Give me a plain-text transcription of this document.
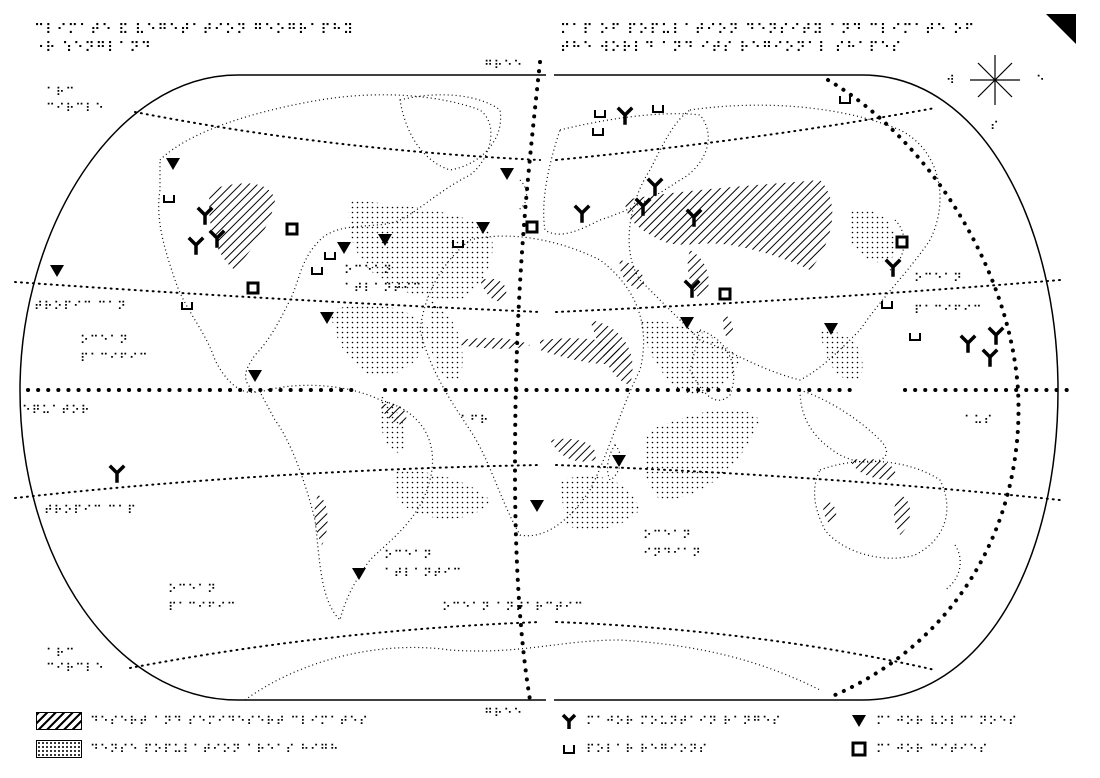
⠉⠇⠊⠍⠁⠞⠑ ⠯ ⠧⠑⠛⠑⠞⠁⠞⠊⠕⠝ ⠛⠑⠕⠛⠗⠁⠏⠓⠽
⠐⠗ ⠱⠑⠝⠛⠇⠁⠝⠙
⠍⠁⠏ ⠕⠋ ⠏⠕⠏⠥⠇⠁⠞⠊⠕⠝ ⠙⠑⠝⠎⠊⠞⠽ ⠁⠝⠙ ⠉⠇⠊⠍⠁⠞⠑ ⠕⠋
⠞⠓⠑ ⠺⠕⠗⠇⠙ ⠁⠝⠙ ⠊⠞⠎ ⠗⠑⠛⠊⠕⠝⠁⠇ ⠎⠓⠁⠏⠑⠎
⠺	⠑
⠎
⠛⠗⠑⠑
⠛⠗⠑⠑
⠁⠗⠉
⠉⠊⠗⠉⠇⠑
⠞⠗⠕⠏⠊⠉ ⠉⠁⠝
⠑⠟⠥⠁⠞⠕⠗
⠞⠗⠕⠏⠊⠉ ⠉⠁⠏
⠁⠗⠉
⠉⠊⠗⠉⠇⠑
⠁⠋⠗	⠁⠥⠎
⠕⠉⠑⠁⠝
⠏⠁⠉⠊⠋⠊⠉
⠕⠉⠑⠁⠝
⠁⠞⠇⠁⠝⠞⠊⠉
⠕⠉⠑⠁⠝
⠏⠁⠉⠊⠋⠊⠉
⠕⠉⠑⠁⠝
⠊⠝⠙⠊⠁⠝
⠕⠉⠑⠁⠝
⠁⠞⠇⠁⠝⠞⠊⠉
⠕⠉⠑⠁⠝
⠏⠁⠉⠊⠋⠊⠉	⠕⠉⠑⠁⠝ ⠁⠝⠞⠁⠗⠉⠞⠊⠉
⠙⠑⠎⠑⠗⠞ ⠁⠝⠙ ⠎⠑⠍⠊⠙⠑⠎⠑⠗⠞ ⠉⠇⠊⠍⠁⠞⠑⠎
⠙⠑⠝⠎⠑ ⠏⠕⠏⠥⠇⠁⠞⠊⠕⠝ ⠁⠗⠑⠁⠎ ⠓⠊⠛⠓
⠍⠁⠚⠕⠗ ⠍⠕⠥⠝⠞⠁⠊⠝ ⠗⠁⠝⠛⠑⠎
⠏⠕⠇⠁⠗ ⠗⠑⠛⠊⠕⠝⠎
⠍⠁⠚⠕⠗ ⠧⠕⠇⠉⠁⠝⠕⠑⠎
⠍⠁⠚⠕⠗ ⠉⠊⠞⠊⠑⠎
